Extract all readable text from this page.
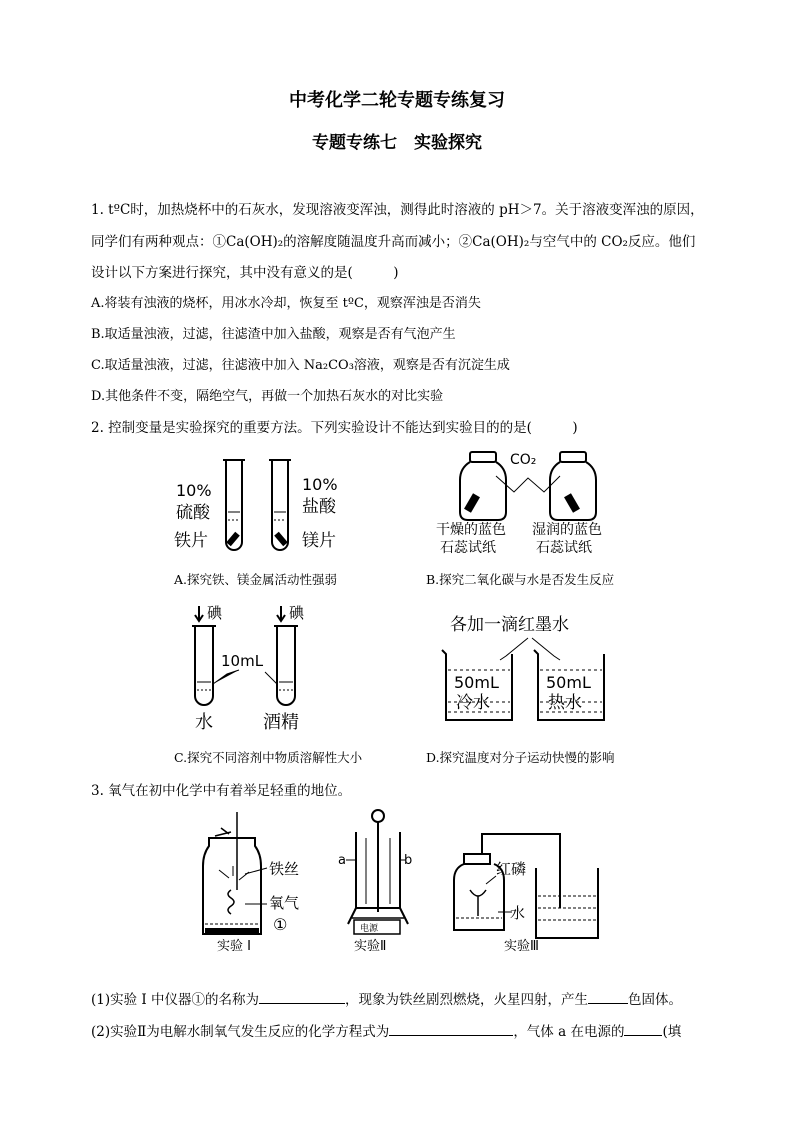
中考化学二轮专题专练复习
专题专练七　实验探究
1. tºC时，加热烧杯中的石灰水，发现溶液变浑浊，测得此时溶液的 pH＞7。关于溶液变浑浊的原因，
同学们有两种观点：①Ca(OH)₂的溶解度随温度升高而减小；②Ca(OH)₂与空气中的 CO₂反应。他们
设计以下方案进行探究，其中没有意义的是(　　　)
A.将装有浊液的烧杯，用冰水冷却，恢复至 tºC，观察浑浊是否消失
B.取适量浊液，过滤，往滤渣中加入盐酸，观察是否有气泡产生
C.取适量浊液，过滤，往滤液中加入 Na₂CO₃溶液，观察是否有沉淀生成
D.其他条件不变，隔绝空气，再做一个加热石灰水的对比实验
2. 控制变量是实验探究的重要方法。下列实验设计不能达到实验目的的是(　　　)
10%
硫酸
铁片
10%
盐酸
镁片
A.探究铁、镁金属活动性强弱
CO₂
干燥的蓝色
石蕊试纸
湿润的蓝色
石蕊试纸
B.探究二氧化碳与水是否发生反应
碘	碘
10mL
水	酒精
C.探究不同溶剂中物质溶解性大小
各加一滴红墨水
50mL	50mL
冷水	热水
D.探究温度对分子运动快慢的影响
3. 氧气在初中化学中有着举足轻重的地位。
铁丝
氧气
①
实验 I
电源
a	b
实验Ⅱ
红磷
水
实验Ⅲ
(1)实验 I 中仪器①的名称为	，现象为铁丝剧烈燃烧，火星四射，产生	色固体。
(2)实验Ⅱ为电解水制氧气发生反应的化学方程式为	，气体 a 在电源的	(填
